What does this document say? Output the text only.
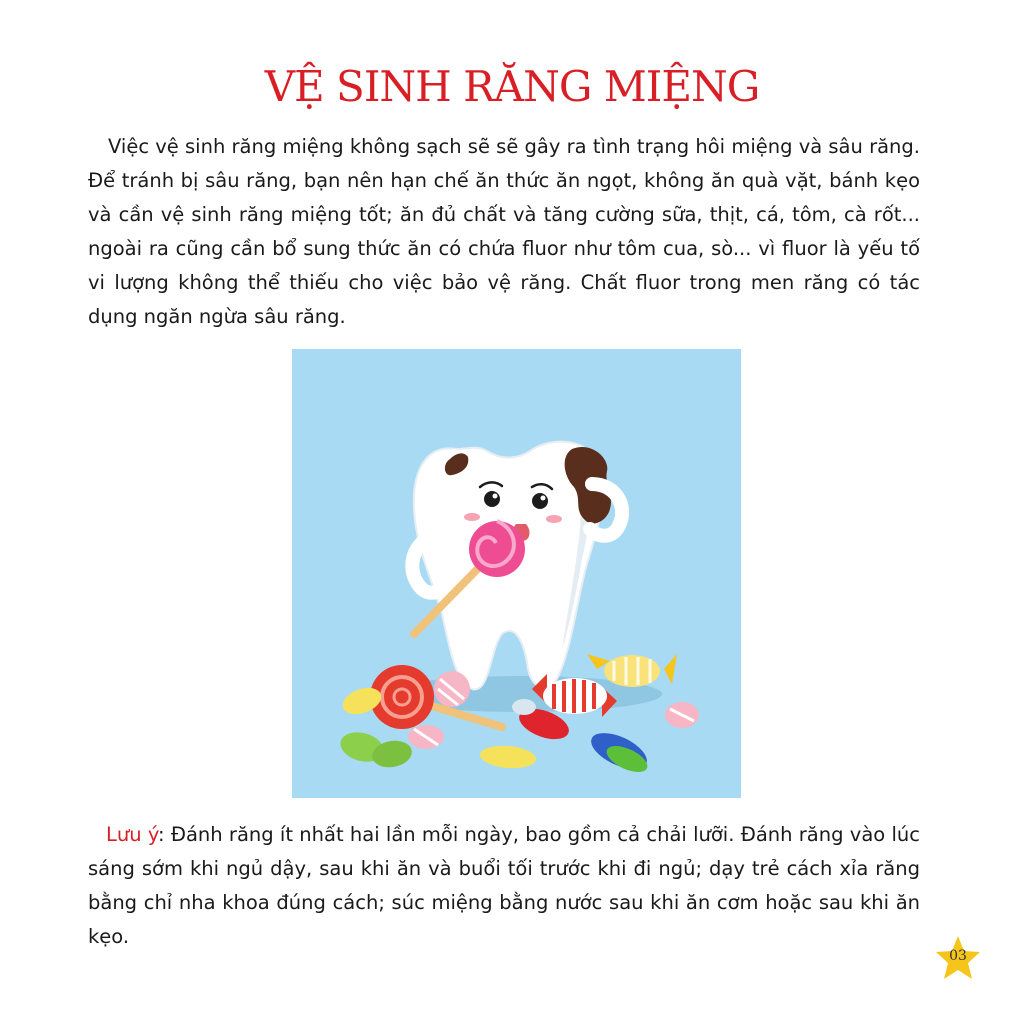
VỆ SINH RĂNG MIỆNG

Việc vệ sinh răng miệng không sạch sẽ sẽ gây ra tình trạng hôi miệng và sâu răng. Để tránh bị sâu răng, bạn nên hạn chế ăn thức ăn ngọt, không ăn quà vặt, bánh kẹo và cần vệ sinh răng miệng tốt; ăn đủ chất và tăng cường sữa, thịt, cá, tôm, cà rốt... ngoài ra cũng cần bổ sung thức ăn có chứa fluor như tôm cua, sò... vì fluor là yếu tố vi lượng không thể thiếu cho việc bảo vệ răng. Chất fluor trong men răng có tác dụng ngăn ngừa sâu răng.

Lưu ý: Đánh răng ít nhất hai lần mỗi ngày, bao gồm cả chải lưỡi. Đánh răng vào lúc sáng sớm khi ngủ dậy, sau khi ăn và buổi tối trước khi đi ngủ; dạy trẻ cách xỉa răng bằng chỉ nha khoa đúng cách; súc miệng bằng nước sau khi ăn cơm hoặc sau khi ăn kẹo.

03
